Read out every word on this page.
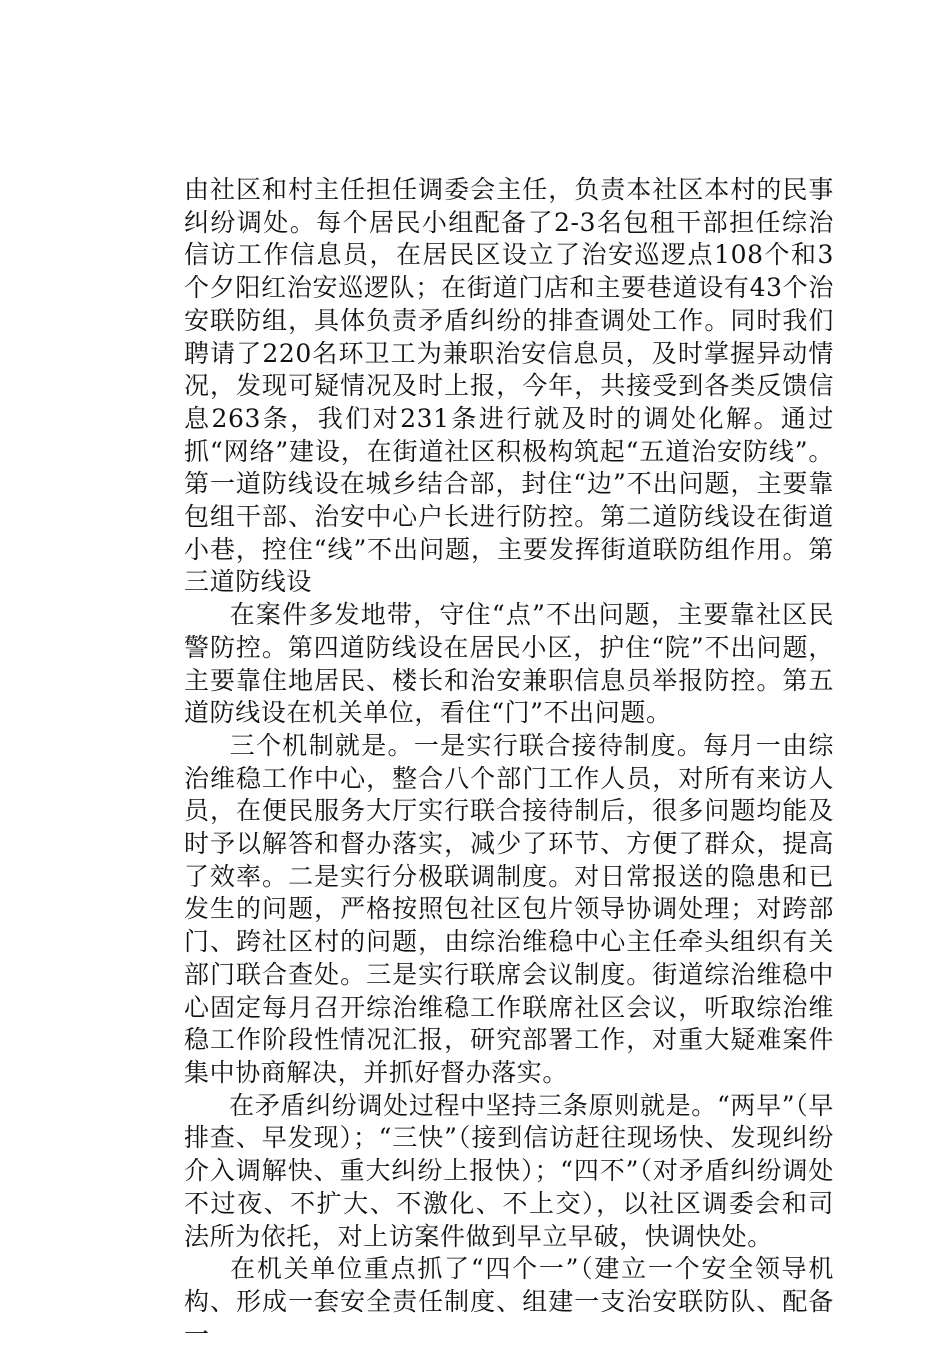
由社区和村主任担任调委会主任，负责本社区本村的民事纠纷调处。每个居民小组配备了2-3名包租干部担任综治信访工作信息员，在居民区设立了治安巡逻点108个和3个夕阳红治安巡逻队；在街道门店和主要巷道设有43个治安联防组，具体负责矛盾纠纷的排查调处工作。同时我们聘请了220名环卫工为兼职治安信息员，及时掌握异动情况，发现可疑情况及时上报，今年，共接受到各类反馈信息263条，我们对231条进行就及时的调处化解。通过抓“网络”建设，在街道社区积极构筑起“五道治安防线”。第一道防线设在城乡结合部，封住“边”不出问题，主要靠包组干部、治安中心户长进行防控。第二道防线设在街道小巷，控住“线”不出问题，主要发挥街道联防组作用。第三道防线设

在案件多发地带，守住“点”不出问题，主要靠社区民警防控。第四道防线设在居民小区，护住“院”不出问题，主要靠住地居民、楼长和治安兼职信息员举报防控。第五道防线设在机关单位，看住“门”不出问题。

三个机制就是。一是实行联合接待制度。每月一由综治维稳工作中心，整合八个部门工作人员，对所有来访人员，在便民服务大厅实行联合接待制后，很多问题均能及时予以解答和督办落实，减少了环节、方便了群众，提高了效率。二是实行分极联调制度。对日常报送的隐患和已发生的问题，严格按照包社区包片领导协调处理；对跨部门、跨社区村的问题，由综治维稳中心主任牵头组织有关部门联合查处。三是实行联席会议制度。街道综治维稳中心固定每月召开综治维稳工作联席社区会议，听取综治维稳工作阶段性情况汇报，研究部署工作，对重大疑难案件集中协商解决，并抓好督办落实。

在矛盾纠纷调处过程中坚持三条原则就是。“两早”（早排查、早发现）；“三快”（接到信访赶往现场快、发现纠纷介入调解快、重大纠纷上报快）；“四不”（对矛盾纠纷调处不过夜、不扩大、不激化、不上交），以社区调委会和司法所为依托，对上访案件做到早立早破，快调快处。

在机关单位重点抓了“四个一”（建立一个安全领导机构、形成一套安全责任制度、组建一支治安联防队、配备一
